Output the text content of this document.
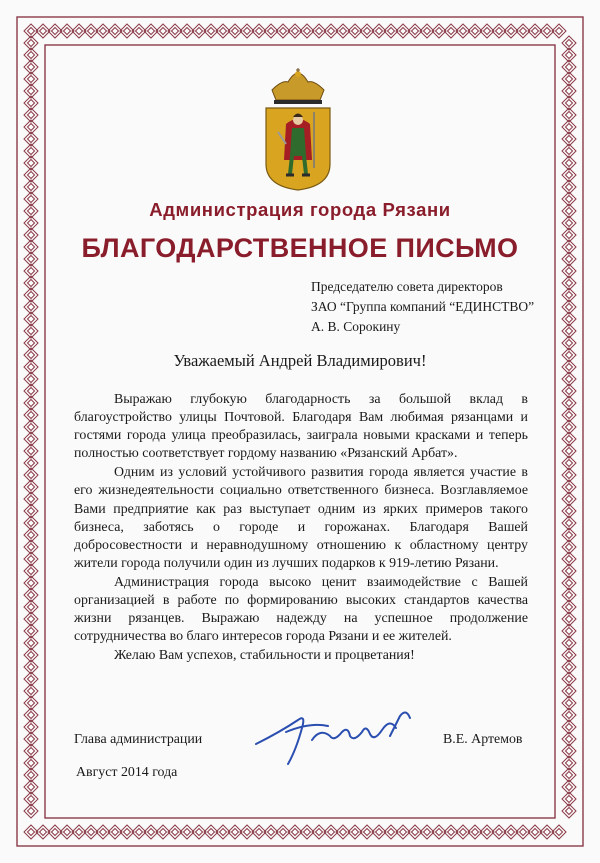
Администрация города Рязани
БЛАГОДАРСТВЕННОЕ ПИСЬМО
Председателю совета директоров
ЗАО “Группа компаний “ЕДИНСТВО”
А. В. Сорокину
Уважаемый Андрей Владимирович!

Выражаю глубокую благодарность за большой вклад в благоустройство улицы Почтовой. Благодаря Вам любимая рязанцами и гостями города улица преобразилась, заиграла новыми красками и теперь полностью соответствует гордому названию «Рязанский Арбат».

Одним из условий устойчивого развития города является участие в его жизнедеятельности социально ответственного бизнеса. Возглавляемое Вами предприятие как раз выступает одним из ярких примеров такого бизнеса, заботясь о городе и горожанах. Благодаря Вашей добросовестности и неравнодушному отношению к областному центру жители города получили один из лучших подарков к 919-летию Рязани.

Администрация города высоко ценит взаимодействие с Вашей организацией в работе по формированию высоких стандартов качества жизни рязанцев. Выражаю надежду на успешное продолжение сотрудничества во благо интересов города Рязани и ее жителей.

Желаю Вам успехов, стабильности и процветания!

Глава администрации	В.Е. Артемов
Август 2014 года
